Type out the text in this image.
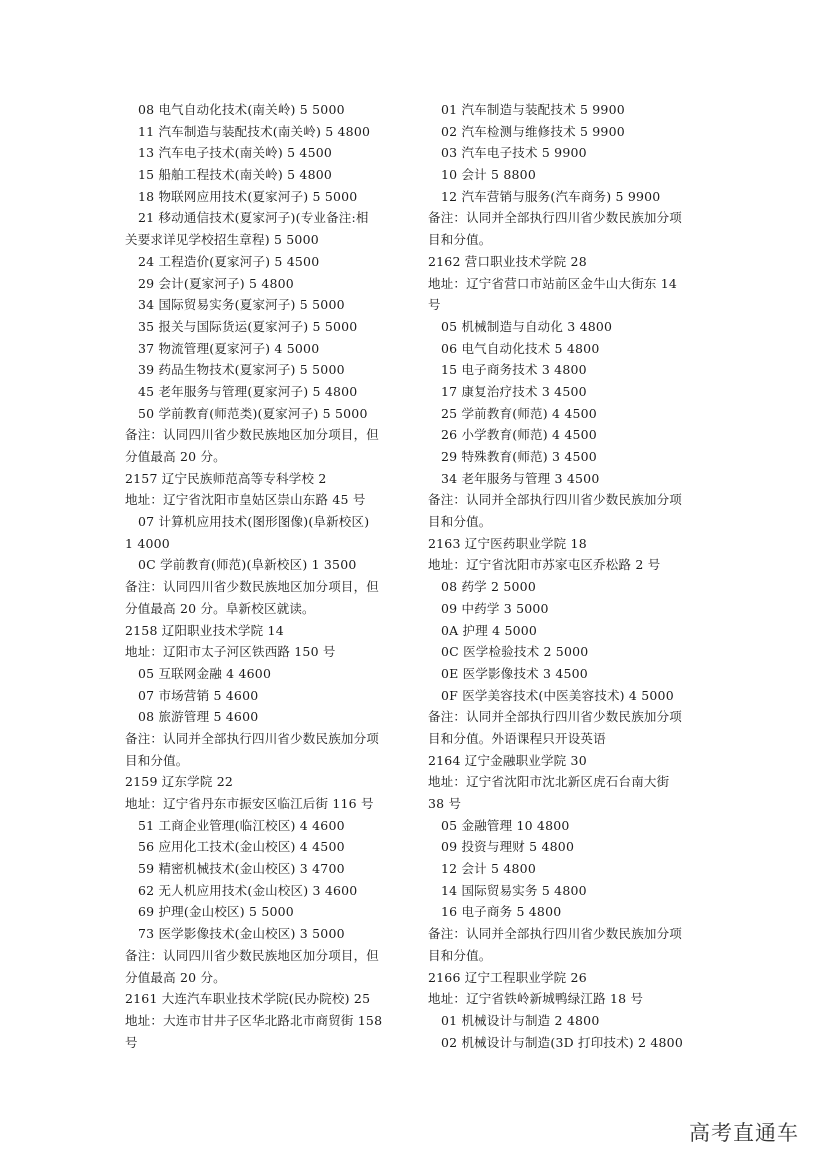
08 电气自动化技术(南关岭) 5 5000
11 汽车制造与装配技术(南关岭) 5 4800
13 汽车电子技术(南关岭) 5 4500
15 船舶工程技术(南关岭) 5 4800
18 物联网应用技术(夏家河子) 5 5000
21 移动通信技术(夏家河子)(专业备注:相
关要求详见学校招生章程) 5 5000
24 工程造价(夏家河子) 5 4500
29 会计(夏家河子) 5 4800
34 国际贸易实务(夏家河子) 5 5000
35 报关与国际货运(夏家河子) 5 5000
37 物流管理(夏家河子) 4 5000
39 药品生物技术(夏家河子) 5 5000
45 老年服务与管理(夏家河子) 5 4800
50 学前教育(师范类)(夏家河子) 5 5000
备注：认同四川省少数民族地区加分项目，但
分值最高 20 分。
2157 辽宁民族师范高等专科学校 2
地址：辽宁省沈阳市皇姑区崇山东路 45 号
07 计算机应用技术(图形图像)(阜新校区)
1 4000
0C 学前教育(师范)(阜新校区) 1 3500
备注：认同四川省少数民族地区加分项目，但
分值最高 20 分。阜新校区就读。
2158 辽阳职业技术学院 14
地址：辽阳市太子河区铁西路 150 号
05 互联网金融 4 4600
07 市场营销 5 4600
08 旅游管理 5 4600
备注：认同并全部执行四川省少数民族加分项
目和分值。
2159 辽东学院 22
地址：辽宁省丹东市振安区临江后街 116 号
51 工商企业管理(临江校区) 4 4600
56 应用化工技术(金山校区) 4 4500
59 精密机械技术(金山校区) 3 4700
62 无人机应用技术(金山校区) 3 4600
69 护理(金山校区) 5 5000
73 医学影像技术(金山校区) 3 5000
备注：认同四川省少数民族地区加分项目，但
分值最高 20 分。
2161 大连汽车职业技术学院(民办院校) 25
地址：大连市甘井子区华北路北市商贸街 158
号
01 汽车制造与装配技术 5 9900
02 汽车检测与维修技术 5 9900
03 汽车电子技术 5 9900
10 会计 5 8800
12 汽车营销与服务(汽车商务) 5 9900
备注：认同并全部执行四川省少数民族加分项
目和分值。
2162 营口职业技术学院 28
地址：辽宁省营口市站前区金牛山大街东 14
号
05 机械制造与自动化 3 4800
06 电气自动化技术 5 4800
15 电子商务技术 3 4800
17 康复治疗技术 3 4500
25 学前教育(师范) 4 4500
26 小学教育(师范) 4 4500
29 特殊教育(师范) 3 4500
34 老年服务与管理 3 4500
备注：认同并全部执行四川省少数民族加分项
目和分值。
2163 辽宁医药职业学院 18
地址：辽宁省沈阳市苏家屯区乔松路 2 号
08 药学 2 5000
09 中药学 3 5000
0A 护理 4 5000
0C 医学检验技术 2 5000
0E 医学影像技术 3 4500
0F 医学美容技术(中医美容技术) 4 5000
备注：认同并全部执行四川省少数民族加分项
目和分值。外语课程只开设英语
2164 辽宁金融职业学院 30
地址：辽宁省沈阳市沈北新区虎石台南大街
38 号
05 金融管理 10 4800
09 投资与理财 5 4800
12 会计 5 4800
14 国际贸易实务 5 4800
16 电子商务 5 4800
备注：认同并全部执行四川省少数民族加分项
目和分值。
2166 辽宁工程职业学院 26
地址：辽宁省铁岭新城鸭绿江路 18 号
01 机械设计与制造 2 4800
02 机械设计与制造(3D 打印技术) 2 4800
高考直通车
